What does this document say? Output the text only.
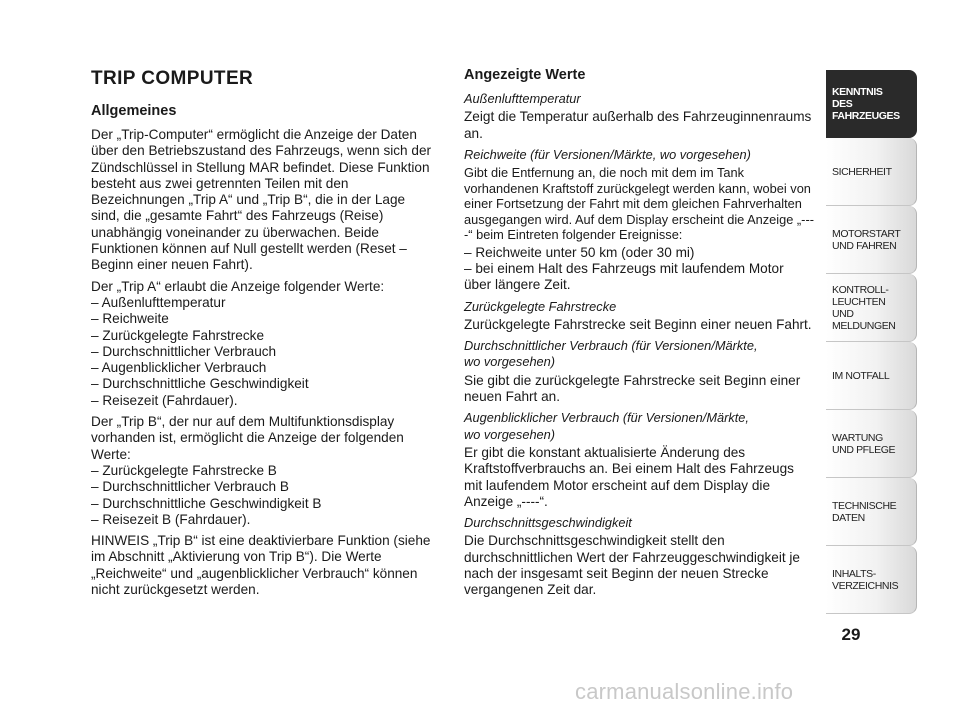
TRIP COMPUTER
Allgemeines

Der „Trip-Computer“ ermöglicht die Anzeige der Daten über den Betriebszustand des Fahrzeugs, wenn sich der Zündschlüssel in Stellung MAR befindet. Diese Funktion besteht aus zwei getrennten Teilen mit den Bezeichnungen „Trip A“ und „Trip B“, die in der Lage sind, die „gesamte Fahrt“ des Fahrzeugs (Reise) unabhängig voneinander zu überwachen. Beide Funktionen können auf Null gestellt werden (Reset – Beginn einer neuen Fahrt).

Der „Trip A“ erlaubt die Anzeige folgender Werte:

– Außenlufttemperatur
– Reichweite
– Zurückgelegte Fahrstrecke
– Durchschnittlicher Verbrauch
– Augenblicklicher Verbrauch
– Durchschnittliche Geschwindigkeit
– Reisezeit (Fahrdauer).

Der „Trip B“, der nur auf dem Multifunktionsdisplay vorhanden ist, ermöglicht die Anzeige der folgenden Werte:

– Zurückgelegte Fahrstrecke B
– Durchschnittlicher Verbrauch B
– Durchschnittliche Geschwindigkeit B
– Reisezeit B (Fahrdauer).

HINWEIS „Trip B“ ist eine deaktivierbare Funktion (siehe im Abschnitt „Aktivierung von Trip B“). Die Werte „Reichweite“ und „augenblicklicher Verbrauch“ können nicht zurückgesetzt werden.

Angezeigte Werte
Außenlufttemperatur

Zeigt die Temperatur außerhalb des Fahrzeuginnenraums an.

Reichweite (für Versionen/Märkte, wo vorgesehen)

Gibt die Entfernung an, die noch mit dem im Tank vorhandenen Kraftstoff zurückgelegt werden kann, wobei von einer Fortsetzung der Fahrt mit dem gleichen Fahrverhalten ausgegangen wird. Auf dem Display erscheint die Anzeige „----“ beim Eintreten folgender Ereignisse:

– Reichweite unter 50 km (oder 30 mi)

– bei einem Halt des Fahrzeugs mit laufendem Motor über längere Zeit.

Zurückgelegte Fahrstrecke

Zurückgelegte Fahrstrecke seit Beginn einer neuen Fahrt.

Durchschnittlicher Verbrauch (für Versionen/Märkte,
wo vorgesehen)

Sie gibt die zurückgelegte Fahrstrecke seit Beginn einer neuen Fahrt an.

Augenblicklicher Verbrauch (für Versionen/Märkte,
wo vorgesehen)

Er gibt die konstant aktualisierte Änderung des Kraftstoffverbrauchs an. Bei einem Halt des Fahrzeugs mit laufendem Motor erscheint auf dem Display die Anzeige „----“.

Durchschnittsgeschwindigkeit

Die Durchschnittsgeschwindigkeit stellt den durchschnittlichen Wert der Fahrzeuggeschwindigkeit je nach der insgesamt seit Beginn der neuen Strecke vergangenen Zeit dar.

KENNTNIS
DES FAHRZEUGES
SICHERHEIT
MOTORSTART
UND FAHREN
KONTROLL-
LEUCHTEN
UND MELDUNGEN
IM NOTFALL
WARTUNG
UND PFLEGE
TECHNISCHE
DATEN
INHALTS-
VERZEICHNIS
29
carmanualsonline.info
